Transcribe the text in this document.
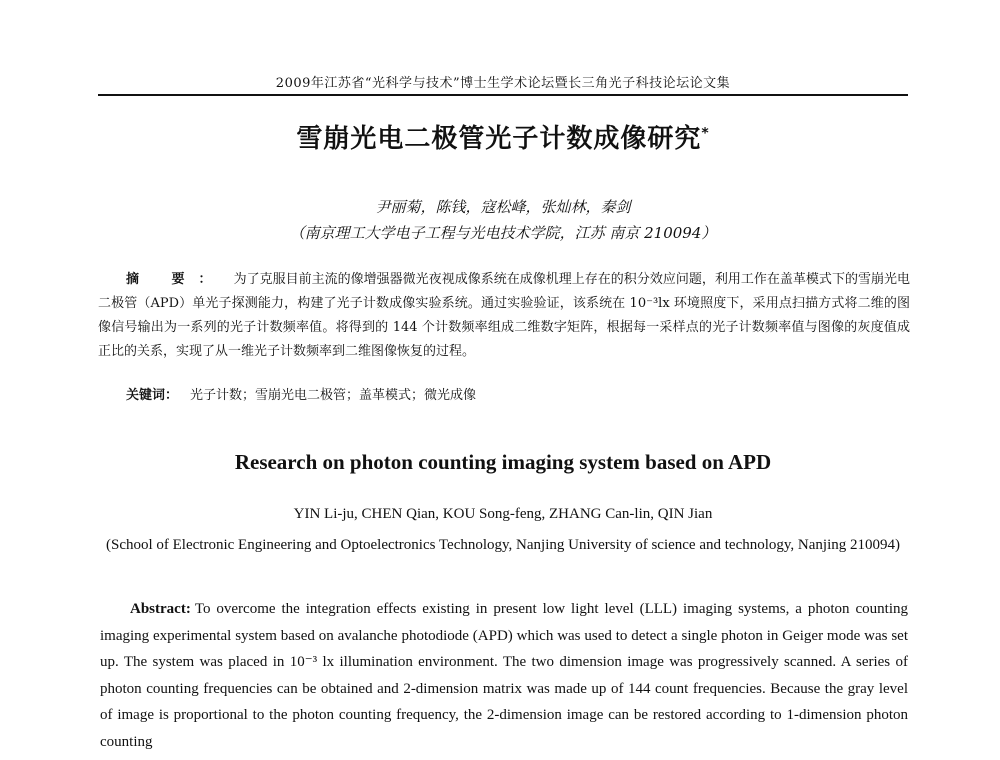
2009年江苏省“光科学与技术”博士生学术论坛暨长三角光子科技论坛论文集
雪崩光电二极管光子计数成像研究*
尹丽菊，陈钱，寇松峰，张灿林，秦剑
（南京理工大学电子工程与光电技术学院，江苏 南京 210094）
摘 要： 为了克服目前主流的像增强器微光夜视成像系统在成像机理上存在的积分效应问题，利用工作在盖革模式下的雪崩光电二极管（APD）单光子探测能力，构建了光子计数成像实验系统。通过实验验证，该系统在 10⁻³lx 环境照度下，采用点扫描方式将二维的图像信号输出为一系列的光子计数频率值。将得到的 144 个计数频率组成二维数字矩阵，根据每一采样点的光子计数频率值与图像的灰度值成正比的关系，实现了从一维光子计数频率到二维图像恢复的过程。
关键词： 光子计数；雪崩光电二极管；盖革模式；微光成像
Research on photon counting imaging system based on APD
YIN Li-ju, CHEN Qian, KOU Song-feng, ZHANG Can-lin, QIN Jian
(School of Electronic Engineering and Optoelectronics Technology, Nanjing University of science and technology, Nanjing 210094)
Abstract: To overcome the integration effects existing in present low light level (LLL) imaging systems, a photon counting imaging experimental system based on avalanche photodiode (APD) which was used to detect a single photon in Geiger mode was set up. The system was placed in 10⁻³ lx illumination environment. The two dimension image was progressively scanned. A series of photon counting frequencies can be obtained and 2-dimension matrix was made up of 144 count frequencies. Because the gray level of image is proportional to the photon counting frequency, the 2-dimension image can be restored according to 1-dimension photon counting
